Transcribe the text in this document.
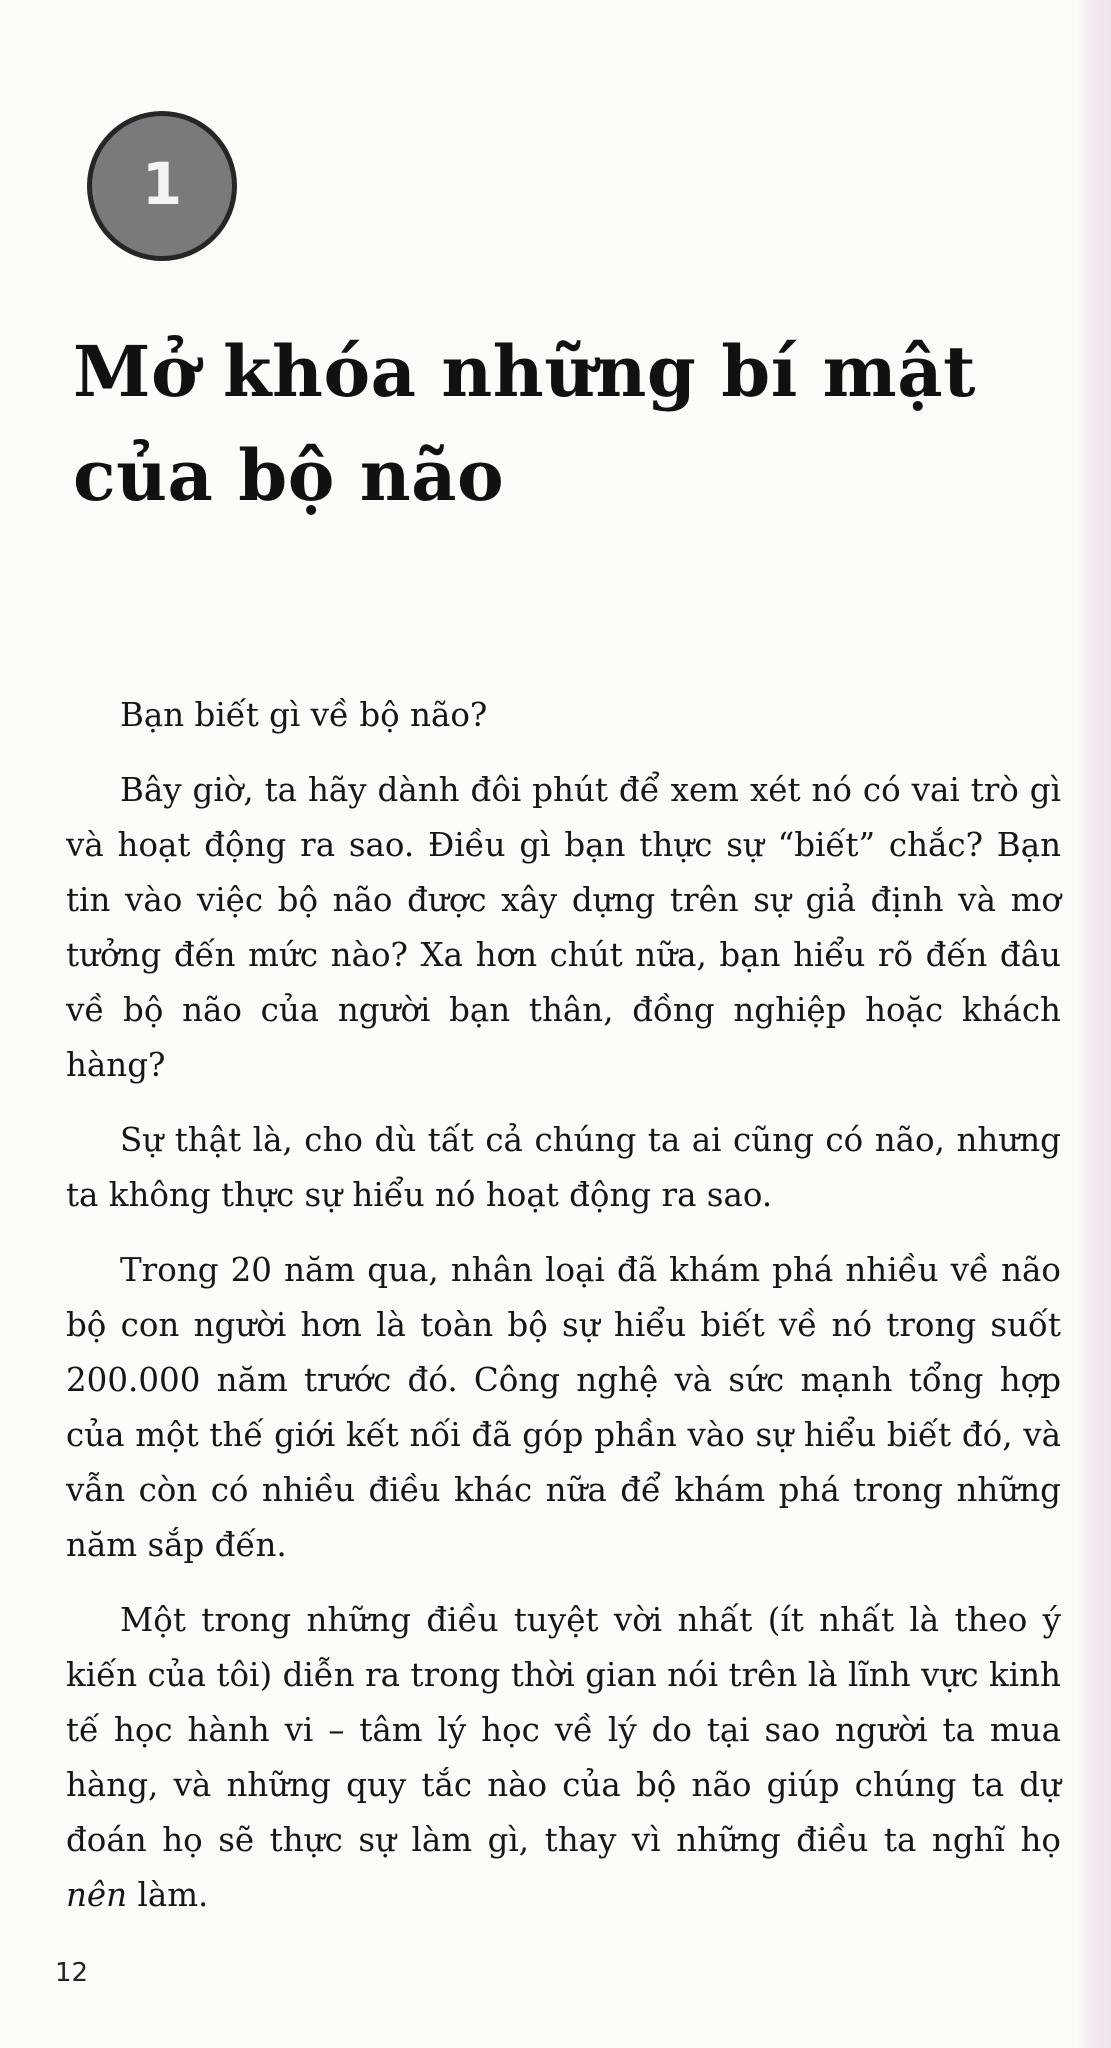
1
Mở khóa những bí mật của bộ não

Bạn biết gì về bộ não?

Bây giờ, ta hãy dành đôi phút để xem xét nó có vai trò gì và hoạt động ra sao. Điều gì bạn thực sự “biết” chắc? Bạn tin vào việc bộ não được xây dựng trên sự giả định và mơ tưởng đến mức nào? Xa hơn chút nữa, bạn hiểu rõ đến đâu về bộ não của người bạn thân, đồng nghiệp hoặc khách hàng?

Sự thật là, cho dù tất cả chúng ta ai cũng có não, nhưng ta không thực sự hiểu nó hoạt động ra sao.

Trong 20 năm qua, nhân loại đã khám phá nhiều về não bộ con người hơn là toàn bộ sự hiểu biết về nó trong suốt 200.000 năm trước đó. Công nghệ và sức mạnh tổng hợp của một thế giới kết nối đã góp phần vào sự hiểu biết đó, và vẫn còn có nhiều điều khác nữa để khám phá trong những năm sắp đến.

Một trong những điều tuyệt vời nhất (ít nhất là theo ý kiến của tôi) diễn ra trong thời gian nói trên là lĩnh vực kinh tế học hành vi – tâm lý học về lý do tại sao người ta mua hàng, và những quy tắc nào của bộ não giúp chúng ta dự đoán họ sẽ thực sự làm gì, thay vì những điều ta nghĩ họ nên làm.

12
